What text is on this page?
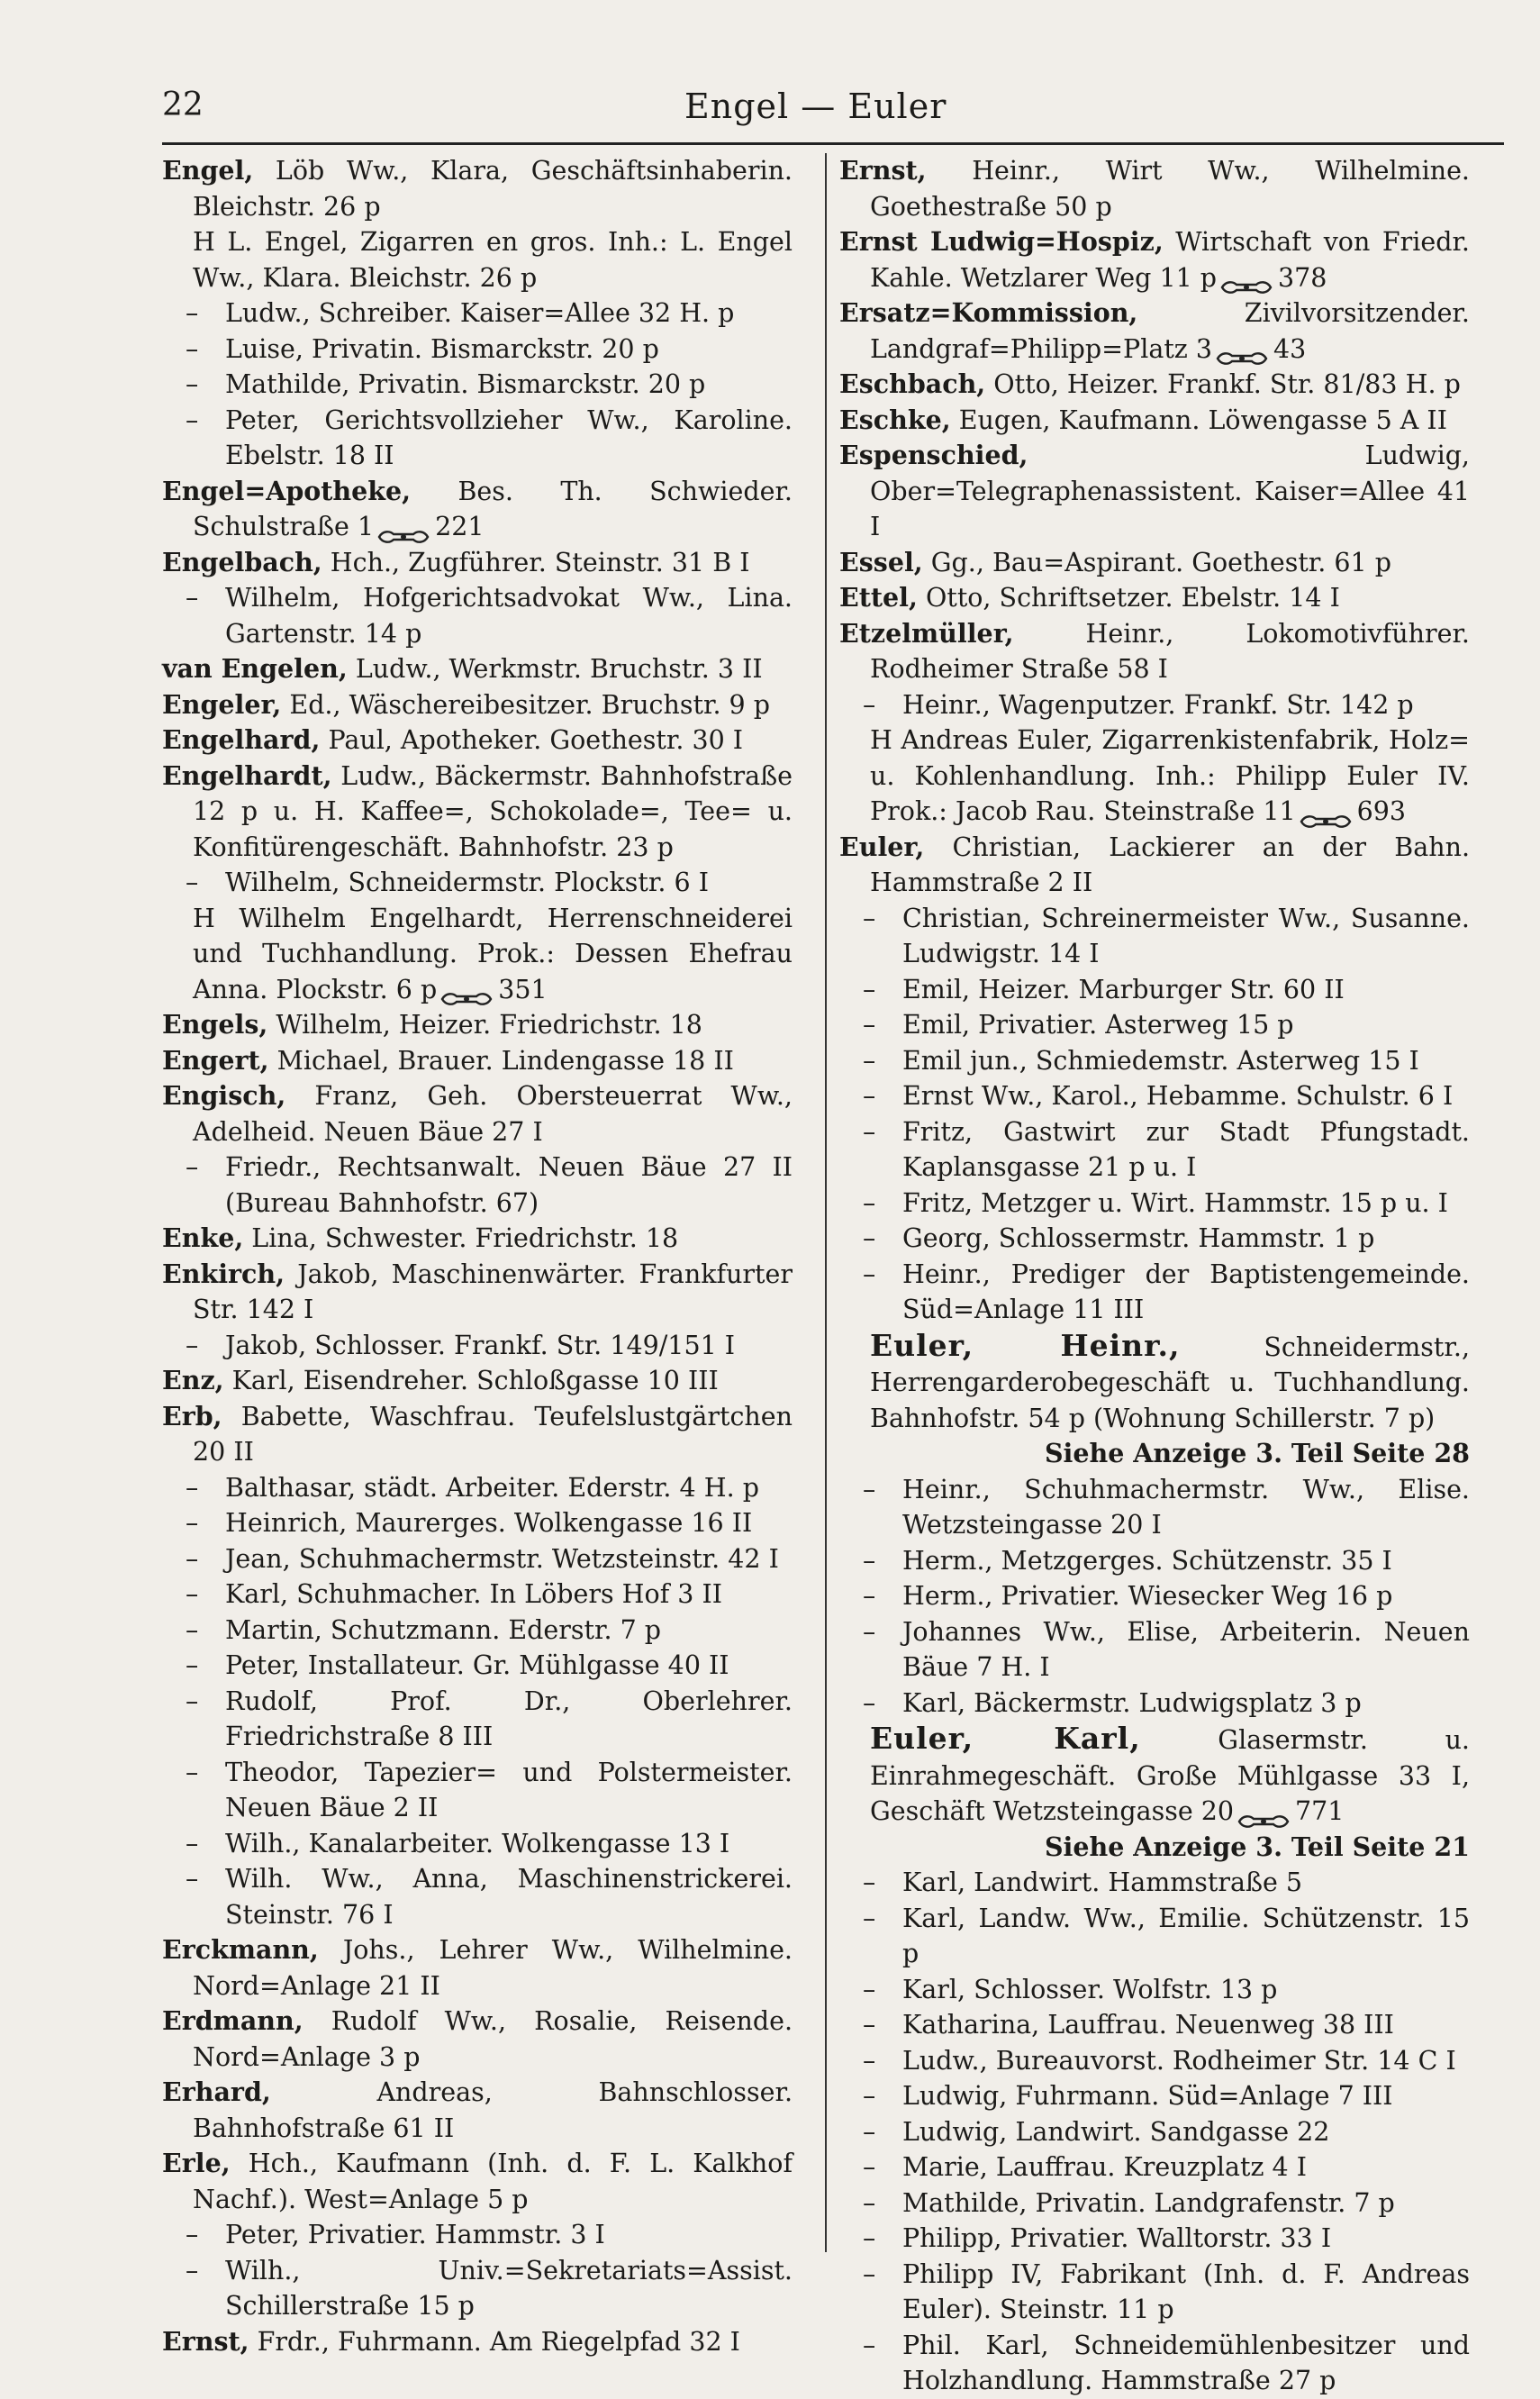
22	Engel — Euler
Engel, Löb Ww., Klara, Geschäftsinhaberin. Bleichstr. 26 p
H L. Engel, Zigarren en gros. Inh.: L. Engel Ww., Klara. Bleichstr. 26 p
– Ludw., Schreiber. Kaiser=Allee 32 H. p
– Luise, Privatin. Bismarckstr. 20 p
– Mathilde, Privatin. Bismarckstr. 20 p
– Peter, Gerichtsvollzieher Ww., Karoline. Ebelstr. 18 II
Engel=Apotheke, Bes. Th. Schwieder. Schulstraße 1 221
Engelbach, Hch., Zugführer. Steinstr. 31 B I
– Wilhelm, Hofgerichtsadvokat Ww., Lina. Gartenstr. 14 p
van Engelen, Ludw., Werkmstr. Bruchstr. 3 II
Engeler, Ed., Wäschereibesitzer. Bruchstr. 9 p
Engelhard, Paul, Apotheker. Goethestr. 30 I
Engelhardt, Ludw., Bäckermstr. Bahnhofstraße 12 p u. H. Kaffee=, Schokolade=, Tee= u. Konfitürengeschäft. Bahnhofstr. 23 p
– Wilhelm, Schneidermstr. Plockstr. 6 I
H Wilhelm Engelhardt, Herrenschneiderei und Tuchhandlung. Prok.: Dessen Ehefrau Anna. Plockstr. 6 p 351
Engels, Wilhelm, Heizer. Friedrichstr. 18
Engert, Michael, Brauer. Lindengasse 18 II
Engisch, Franz, Geh. Obersteuerrat Ww., Adelheid. Neuen Bäue 27 I
– Friedr., Rechtsanwalt. Neuen Bäue 27 II (Bureau Bahnhofstr. 67)
Enke, Lina, Schwester. Friedrichstr. 18
Enkirch, Jakob, Maschinenwärter. Frankfurter Str. 142 I
– Jakob, Schlosser. Frankf. Str. 149/151 I
Enz, Karl, Eisendreher. Schloßgasse 10 III
Erb, Babette, Waschfrau. Teufelslustgärtchen 20 II
– Balthasar, städt. Arbeiter. Ederstr. 4 H. p
– Heinrich, Maurerges. Wolkengasse 16 II
– Jean, Schuhmachermstr. Wetzsteinstr. 42 I
– Karl, Schuhmacher. In Löbers Hof 3 II
– Martin, Schutzmann. Ederstr. 7 p
– Peter, Installateur. Gr. Mühlgasse 40 II
– Rudolf, Prof. Dr., Oberlehrer. Friedrichstraße 8 III
– Theodor, Tapezier= und Polstermeister. Neuen Bäue 2 II
– Wilh., Kanalarbeiter. Wolkengasse 13 I
– Wilh. Ww., Anna, Maschinenstrickerei. Steinstr. 76 I
Erckmann, Johs., Lehrer Ww., Wilhelmine. Nord=Anlage 21 II
Erdmann, Rudolf Ww., Rosalie, Reisende. Nord=Anlage 3 p
Erhard, Andreas, Bahnschlosser. Bahnhofstraße 61 II
Erle, Hch., Kaufmann (Inh. d. F. L. Kalkhof Nachf.). West=Anlage 5 p
– Peter, Privatier. Hammstr. 3 I
– Wilh., Univ.=Sekretariats=Assist. Schillerstraße 15 p
Ernst, Frdr., Fuhrmann. Am Riegelpfad 32 I
Ernst, Heinr., Wirt Ww., Wilhelmine. Goethestraße 50 p
Ernst Ludwig=Hospiz, Wirtschaft von Friedr. Kahle. Wetzlarer Weg 11 p 378
Ersatz=Kommission, Zivilvorsitzender. Landgraf=Philipp=Platz 3 43
Eschbach, Otto, Heizer. Frankf. Str. 81/83 H. p
Eschke, Eugen, Kaufmann. Löwengasse 5 A II
Espenschied, Ludwig, Ober=Telegraphenassistent. Kaiser=Allee 41 I
Essel, Gg., Bau=Aspirant. Goethestr. 61 p
Ettel, Otto, Schriftsetzer. Ebelstr. 14 I
Etzelmüller, Heinr., Lokomotivführer. Rodheimer Straße 58 I
– Heinr., Wagenputzer. Frankf. Str. 142 p
H Andreas Euler, Zigarrenkistenfabrik, Holz= u. Kohlenhandlung. Inh.: Philipp Euler IV. Prok.: Jacob Rau. Steinstraße 11 693
Euler, Christian, Lackierer an der Bahn. Hammstraße 2 II
– Christian, Schreinermeister Ww., Susanne. Ludwigstr. 14 I
– Emil, Heizer. Marburger Str. 60 II
– Emil, Privatier. Asterweg 15 p
– Emil jun., Schmiedemstr. Asterweg 15 I
– Ernst Ww., Karol., Hebamme. Schulstr. 6 I
– Fritz, Gastwirt zur Stadt Pfungstadt. Kaplansgasse 21 p u. I
– Fritz, Metzger u. Wirt. Hammstr. 15 p u. I
– Georg, Schlossermstr. Hammstr. 1 p
– Heinr., Prediger der Baptistengemeinde. Süd=Anlage 11 III
Euler, Heinr., Schneidermstr., Herrengarderobegeschäft u. Tuchhandlung. Bahnhofstr. 54 p (Wohnung Schillerstr. 7 p)
Siehe Anzeige 3. Teil Seite 28
– Heinr., Schuhmachermstr. Ww., Elise. Wetzsteingasse 20 I
– Herm., Metzgerges. Schützenstr. 35 I
– Herm., Privatier. Wiesecker Weg 16 p
– Johannes Ww., Elise, Arbeiterin. Neuen Bäue 7 H. I
– Karl, Bäckermstr. Ludwigsplatz 3 p
Euler, Karl, Glasermstr. u. Einrahmegeschäft. Große Mühlgasse 33 I, Geschäft Wetzsteingasse 20 771
Siehe Anzeige 3. Teil Seite 21
– Karl, Landwirt. Hammstraße 5
– Karl, Landw. Ww., Emilie. Schützenstr. 15 p
– Karl, Schlosser. Wolfstr. 13 p
– Katharina, Lauffrau. Neuenweg 38 III
– Ludw., Bureauvorst. Rodheimer Str. 14 C I
– Ludwig, Fuhrmann. Süd=Anlage 7 III
– Ludwig, Landwirt. Sandgasse 22
– Marie, Lauffrau. Kreuzplatz 4 I
– Mathilde, Privatin. Landgrafenstr. 7 p
– Philipp, Privatier. Walltorstr. 33 I
– Philipp IV, Fabrikant (Inh. d. F. Andreas Euler). Steinstr. 11 p
– Phil. Karl, Schneidemühlenbesitzer und Holzhandlung. Hammstraße 27 p
